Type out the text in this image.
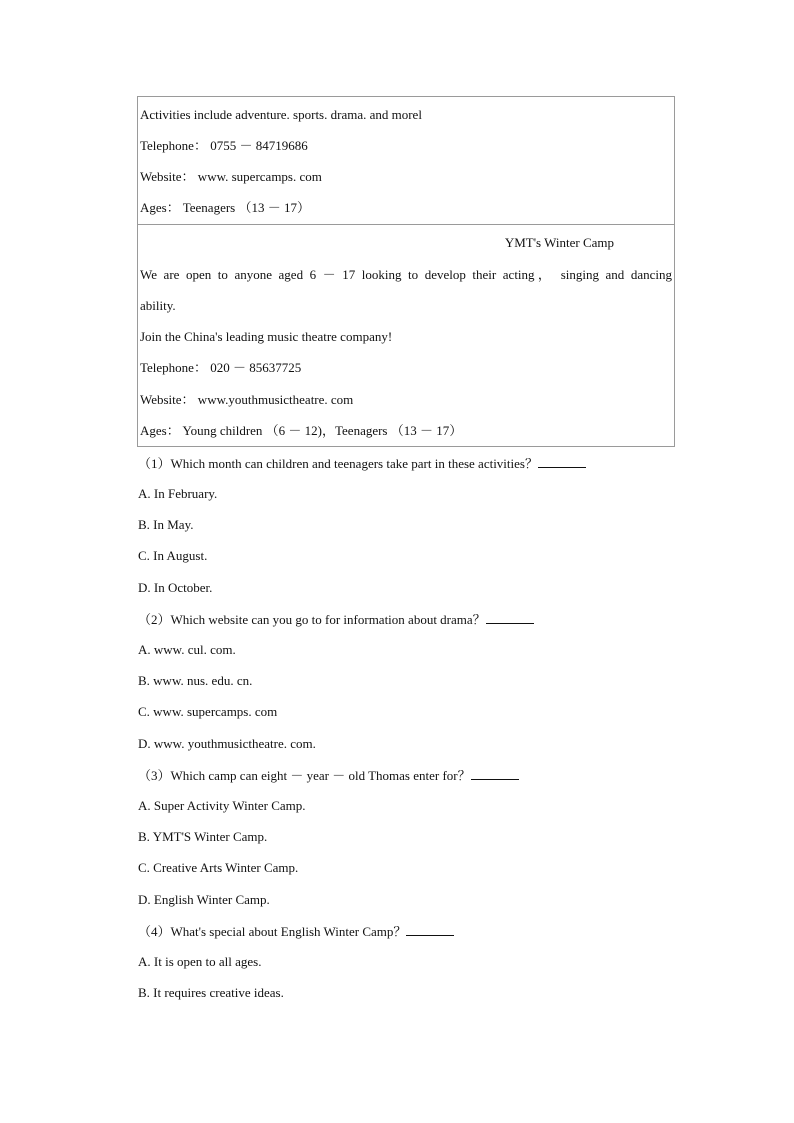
Activities include adventure. sports. drama. and morel
Telephone： 0755 － 84719686
Website： www. supercamps. com
Ages： Teenagers （13 － 17）
YMT's Winter Camp
We are open to anyone aged 6 － 17 looking to develop their acting， singing and dancing
ability.
Join the China's leading music theatre company!
Telephone： 020 － 85637725
Website： www.youthmusictheatre. com
Ages： Young children （6 － 12)，Teenagers （13 － 17）
（1）Which month can children and teenagers take part in these activities？
A. In February.
B. In May.
C. In August.
D. In October.
（2）Which website can you go to for information about drama？
A. www. cul. com.
B. www. nus. edu. cn.
C. www. supercamps. com
D. www. youthmusictheatre. com.
（3）Which camp can eight － year － old Thomas enter for？
A. Super Activity Winter Camp.
B. YMT'S Winter Camp.
C. Creative Arts Winter Camp.
D. English Winter Camp.
（4）What's special about English Winter Camp？
A. It is open to all ages.
B. It requires creative ideas.
